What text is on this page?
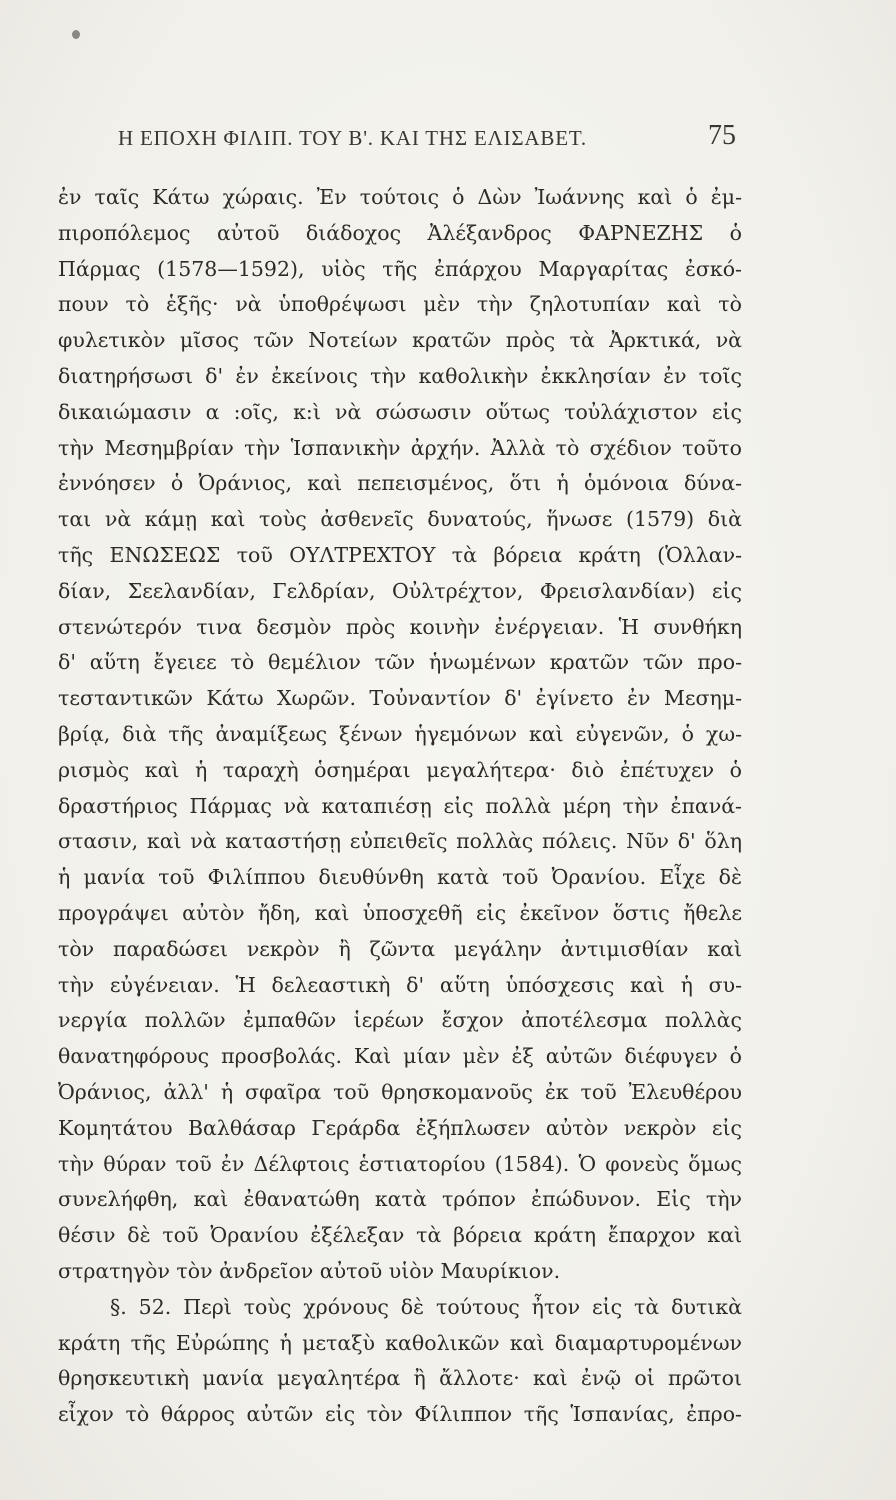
Η ΕΠΟΧΗ ΦΙΛΙΠ. ΤΟΥ Β'. ΚΑΙ ΤΗΣ ΕΛΙΣΑΒΕΤ.	75
ἐν ταῖς Κάτω χώραις. Ἐν τούτοις ὁ Δὼν Ἰωάννης καὶ ὁ ἐμ-
πιροπόλεμος αὐτοῦ διάδοχος Ἀλέξανδρος ΦΑΡΝΕΖΗΣ ὁ
Πάρμας (1578—1592), υἱὸς τῆς ἐπάρχου Μαργαρίτας ἐσκό-
πουν τὸ ἑξῆς· νὰ ὑποθρέψωσι μὲν τὴν ζηλοτυπίαν καὶ τὸ
φυλετικὸν μῖσος τῶν Νοτείων κρατῶν πρὸς τὰ Ἀρκτικά, νὰ
διατηρήσωσι δ' ἐν ἐκείνοις τὴν καθολικὴν ἐκκλησίαν ἐν τοῖς
δικαιώμασιν α :οῖς, κ:ὶ νὰ σώσωσιν οὕτως τοὐλάχιστον εἰς
τὴν Μεσημβρίαν τὴν Ἱσπανικὴν ἀρχήν. Ἀλλὰ τὸ σχέδιον τοῦτο
ἐννόησεν ὁ Ὀράνιος, καὶ πεπεισμένος, ὅτι ἡ ὁμόνοια δύνα-
ται νὰ κάμῃ καὶ τοὺς ἀσθενεῖς δυνατούς, ἥνωσε (1579) διὰ
τῆς ΕΝΩΣΕΩΣ τοῦ ΟΥΛΤΡΕΧΤΟΥ τὰ βόρεια κράτη (Ὁλλαν-
δίαν, Σεελανδίαν, Γελδρίαν, Οὐλτρέχτον, Φρεισλανδίαν) εἰς
στενώτερόν τινα δεσμὸν πρὸς κοινὴν ἐνέργειαν. Ἡ συνθήκη
δ' αὕτη ἔγειεε τὸ θεμέλιον τῶν ἡνωμένων κρατῶν τῶν προ-
τεσταντικῶν Κάτω Χωρῶν. Τοὐναντίον δ' ἐγίνετο ἐν Μεσημ-
βρίᾳ, διὰ τῆς ἀναμίξεως ξένων ἡγεμόνων καὶ εὐγενῶν, ὁ χω-
ρισμὸς καὶ ἡ ταραχὴ ὁσημέραι μεγαλήτερα· διὸ ἐπέτυχεν ὁ
δραστήριος Πάρμας νὰ καταπιέσῃ εἰς πολλὰ μέρη τὴν ἐπανά-
στασιν, καὶ νὰ καταστήσῃ εὐπειθεῖς πολλὰς πόλεις. Νῦν δ' ὅλη
ἡ μανία τοῦ Φιλίππου διευθύνθη κατὰ τοῦ Ὀρανίου. Εἶχε δὲ
προγράψει αὐτὸν ἤδη, καὶ ὑποσχεθῆ εἰς ἐκεῖνον ὅστις ἤθελε
τὸν παραδώσει νεκρὸν ἢ ζῶντα μεγάλην ἀντιμισθίαν καὶ
τὴν εὐγένειαν. Ἡ δελεαστικὴ δ' αὕτη ὑπόσχεσις καὶ ἡ συ-
νεργία πολλῶν ἐμπαθῶν ἱερέων ἔσχον ἀποτέλεσμα πολλὰς
θανατηφόρους προσβολάς. Καὶ μίαν μὲν ἐξ αὐτῶν διέφυγεν ὁ
Ὀράνιος, ἀλλ' ἡ σφαῖρα τοῦ θρησκομανοῦς ἐκ τοῦ Ἐλευθέρου
Κομητάτου Βαλθάσαρ Γεράρδα ἐξήπλωσεν αὐτὸν νεκρὸν εἰς
τὴν θύραν τοῦ ἐν Δέλφτοις ἑστιατορίου (1584). Ὁ φονεὺς ὅμως
συνελήφθη, καὶ ἐθανατώθη κατὰ τρόπον ἐπώδυνον. Εἰς τὴν
θέσιν δὲ τοῦ Ὀρανίου ἐξέλεξαν τὰ βόρεια κράτη ἔπαρχον καὶ
στρατηγὸν τὸν ἀνδρεῖον αὐτοῦ υἱὸν Μαυρίκιον.
§. 52. Περὶ τοὺς χρόνους δὲ τούτους ἦτον εἰς τὰ δυτικὰ
κράτη τῆς Εὐρώπης ἡ μεταξὺ καθολικῶν καὶ διαμαρτυρομένων
θρησκευτικὴ μανία μεγαλητέρα ἢ ἄλλοτε· καὶ ἐνῷ οἱ πρῶτοι
εἶχον τὸ θάρρος αὐτῶν εἰς τὸν Φίλιππον τῆς Ἱσπανίας, ἐπρο-
